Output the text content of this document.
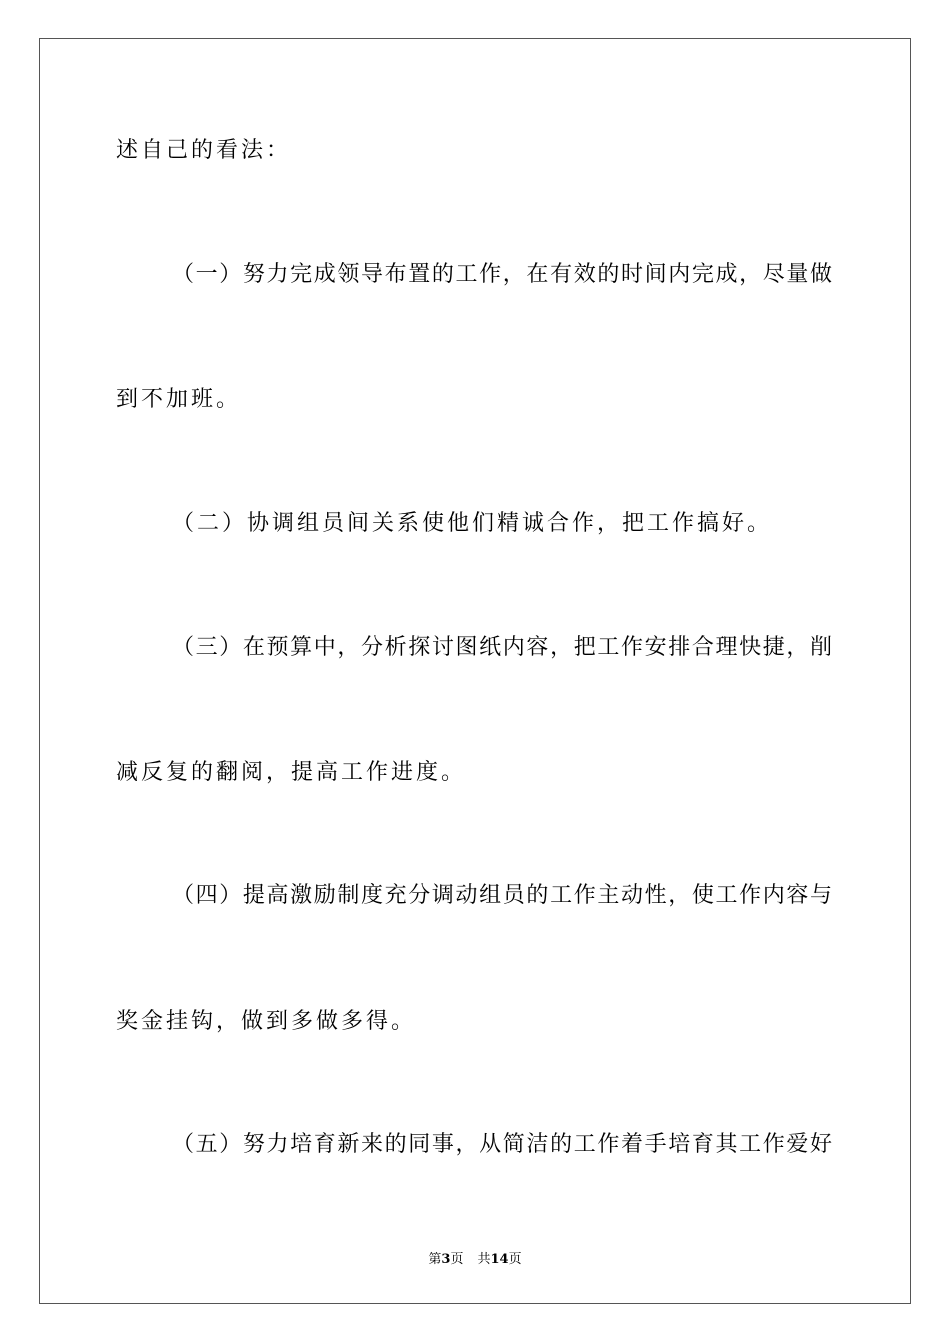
述自己的看法：
（一）努力完成领导布置的工作，在有效的时间内完成，尽量做
到不加班。
（二）协调组员间关系使他们精诚合作，把工作搞好。
（三）在预算中，分析探讨图纸内容，把工作安排合理快捷，削
减反复的翻阅，提高工作进度。
（四）提高激励制度充分调动组员的工作主动性，使工作内容与
奖金挂钩，做到多做多得。
（五）努力培育新来的同事，从简洁的工作着手培育其工作爱好
第3页 共14页
